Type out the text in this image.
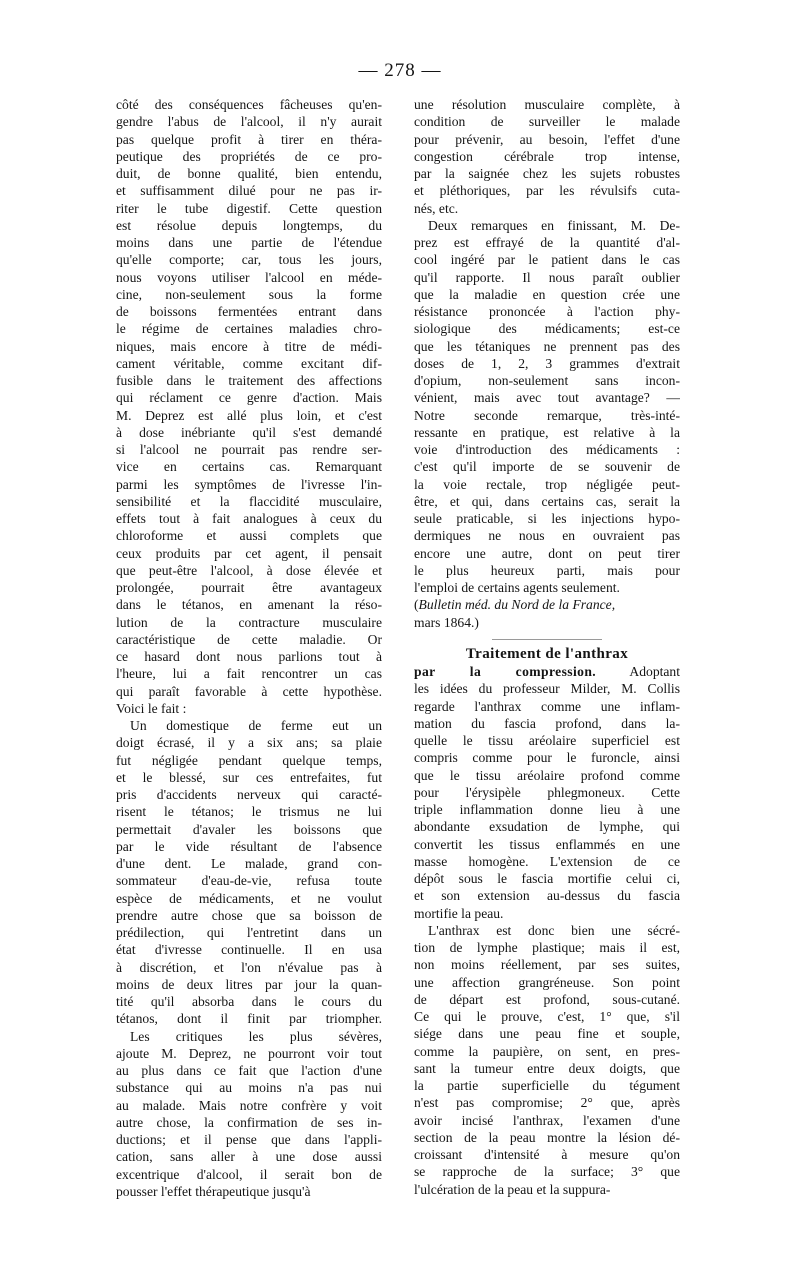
— 278 —
côté des conséquences fâcheuses qu'en-
gendre l'abus de l'alcool, il n'y aurait
pas quelque profit à tirer en théra-
peutique des propriétés de ce pro-
duit, de bonne qualité, bien entendu,
et suffisamment dilué pour ne pas ir-
riter le tube digestif. Cette question
est résolue depuis longtemps, du
moins dans une partie de l'étendue
qu'elle comporte; car, tous les jours,
nous voyons utiliser l'alcool en méde-
cine, non-seulement sous la forme
de boissons fermentées entrant dans
le régime de certaines maladies chro-
niques, mais encore à titre de médi-
cament véritable, comme excitant dif-
fusible dans le traitement des affections
qui réclament ce genre d'action. Mais
M. Deprez est allé plus loin, et c'est
à dose inébriante qu'il s'est demandé
si l'alcool ne pourrait pas rendre ser-
vice en certains cas. Remarquant
parmi les symptômes de l'ivresse l'in-
sensibilité et la flaccidité musculaire,
effets tout à fait analogues à ceux du
chloroforme et aussi complets que
ceux produits par cet agent, il pensait
que peut-être l'alcool, à dose élevée et
prolongée, pourrait être avantageux
dans le tétanos, en amenant la réso-
lution de la contracture musculaire
caractéristique de cette maladie. Or
ce hasard dont nous parlions tout à
l'heure, lui a fait rencontrer un cas
qui paraît favorable à cette hypothèse.
Voici le fait :
Un domestique de ferme eut un
doigt écrasé, il y a six ans; sa plaie
fut négligée pendant quelque temps,
et le blessé, sur ces entrefaites, fut
pris d'accidents nerveux qui caracté-
risent le tétanos; le trismus ne lui
permettait d'avaler les boissons que
par le vide résultant de l'absence
d'une dent. Le malade, grand con-
sommateur d'eau-de-vie, refusa toute
espèce de médicaments, et ne voulut
prendre autre chose que sa boisson de
prédilection, qui l'entretint dans un
état d'ivresse continuelle. Il en usa
à discrétion, et l'on n'évalue pas à
moins de deux litres par jour la quan-
tité qu'il absorba dans le cours du
tétanos, dont il finit par triompher.
Les critiques les plus sévères,
ajoute M. Deprez, ne pourront voir tout
au plus dans ce fait que l'action d'une
substance qui au moins n'a pas nui
au malade. Mais notre confrère y voit
autre chose, la confirmation de ses in-
ductions; et il pense que dans l'appli-
cation, sans aller à une dose aussi
excentrique d'alcool, il serait bon de
pousser l'effet thérapeutique jusqu'à
une résolution musculaire complète, à
condition de surveiller le malade
pour prévenir, au besoin, l'effet d'une
congestion cérébrale trop intense,
par la saignée chez les sujets robustes
et pléthoriques, par les révulsifs cuta-
nés, etc.
Deux remarques en finissant, M. De-
prez est effrayé de la quantité d'al-
cool ingéré par le patient dans le cas
qu'il rapporte. Il nous paraît oublier
que la maladie en question crée une
résistance prononcée à l'action phy-
siologique des médicaments; est-ce
que les tétaniques ne prennent pas des
doses de 1, 2, 3 grammes d'extrait
d'opium, non-seulement sans incon-
vénient, mais avec tout avantage? —
Notre seconde remarque, très-inté-
ressante en pratique, est relative à la
voie d'introduction des médicaments :
c'est qu'il importe de se souvenir de
la voie rectale, trop négligée peut-
être, et qui, dans certains cas, serait la
seule praticable, si les injections hypo-
dermiques ne nous en ouvraient pas
encore une autre, dont on peut tirer
le plus heureux parti, mais pour
l'emploi de certains agents seulement.
(Bulletin méd. du Nord de la France,
mars 1864.)
Traitement de l'anthrax
par la compression. Adoptant
les idées du professeur Milder, M. Collis
regarde l'anthrax comme une inflam-
mation du fascia profond, dans la-
quelle le tissu aréolaire superficiel est
compris comme pour le furoncle, ainsi
que le tissu aréolaire profond comme
pour l'érysipèle phlegmoneux. Cette
triple inflammation donne lieu à une
abondante exsudation de lymphe, qui
convertit les tissus enflammés en une
masse homogène. L'extension de ce
dépôt sous le fascia mortifie celui ci,
et son extension au-dessus du fascia
mortifie la peau.
L'anthrax est donc bien une sécré-
tion de lymphe plastique; mais il est,
non moins réellement, par ses suites,
une affection grangréneuse. Son point
de départ est profond, sous-cutané.
Ce qui le prouve, c'est, 1° que, s'il
siége dans une peau fine et souple,
comme la paupière, on sent, en pres-
sant la tumeur entre deux doigts, que
la partie superficielle du tégument
n'est pas compromise; 2° que, après
avoir incisé l'anthrax, l'examen d'une
section de la peau montre la lésion dé-
croissant d'intensité à mesure qu'on
se rapproche de la surface; 3° que
l'ulcération de la peau et la suppura-
